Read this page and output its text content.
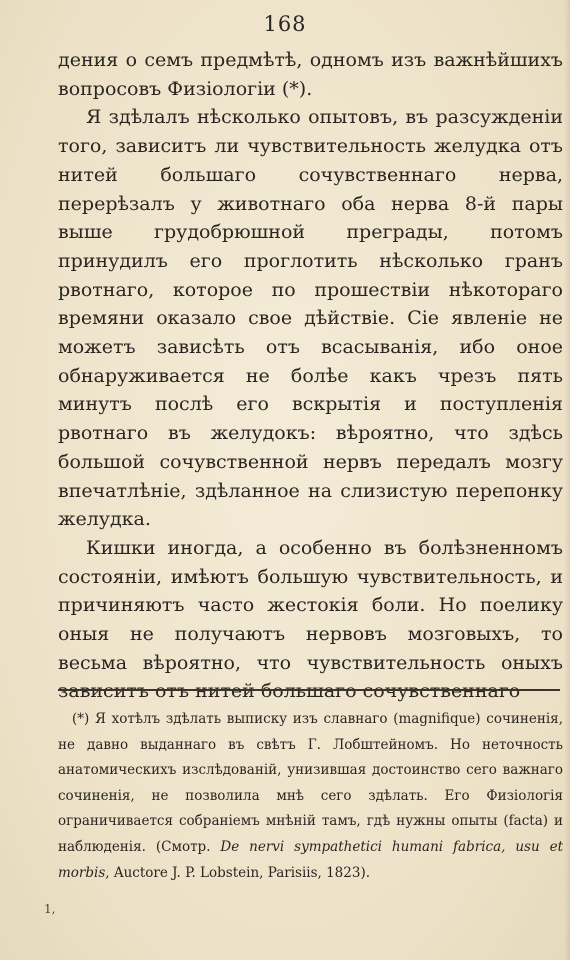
168

дения о семъ предмѣтѣ, одномъ изъ важнѣйшихъ вопросовъ Физіологіи (*).

Я здѣлалъ нѣсколько опытовъ, въ разсужденіи того, зависитъ ли чувствительность желудка отъ нитей большаго сочувственнаго нерва, перерѣзалъ у животнаго оба нерва 8-й пары выше грудобрюшной преграды, потомъ принудилъ его проглотить нѣсколько гранъ рвотнаго, которое по прошествіи нѣкотораго времяни оказало свое дѣйствіе. Сіе явленіе не можетъ зависѣть отъ всасыванія, ибо оное обнаруживается не болѣе какъ чрезъ пять минутъ послѣ его вскрытія и поступленія рвотнаго въ желудокъ: вѣроятно, что здѣсь большой сочувственной нервъ передалъ мозгу впечатлѣніе, здѣланное на слизистую перепонку желудка.

Кишки иногда, а особенно въ болѣзненномъ состояніи, имѣютъ большую чувствительность, и причиняютъ часто жестокія боли. Но поелику оныя не получаютъ нервовъ мозговыхъ, то весьма вѣроятно, что чувствительность оныхъ зависитъ отъ нитей большаго сочувственнаго

(*) Я хотѣлъ здѣлать выписку изъ славнаго (magnifique) сочиненія, не давно выданнаго въ свѣтъ Г. Лобштейномъ. Но неточность анатомическихъ изслѣдованій, унизившая достоинство сего важнаго сочиненія, не позволила мнѣ сего здѣлать. Его Физіологія ограничивается собраніемъ мнѣній тамъ, гдѣ нужны опыты (facta) и наблюденія. (Смотр. De nervi sympathetici humani fabrica, usu et morbis, Auctore J. P. Lobstein, Parisiis, 1823).

1,
